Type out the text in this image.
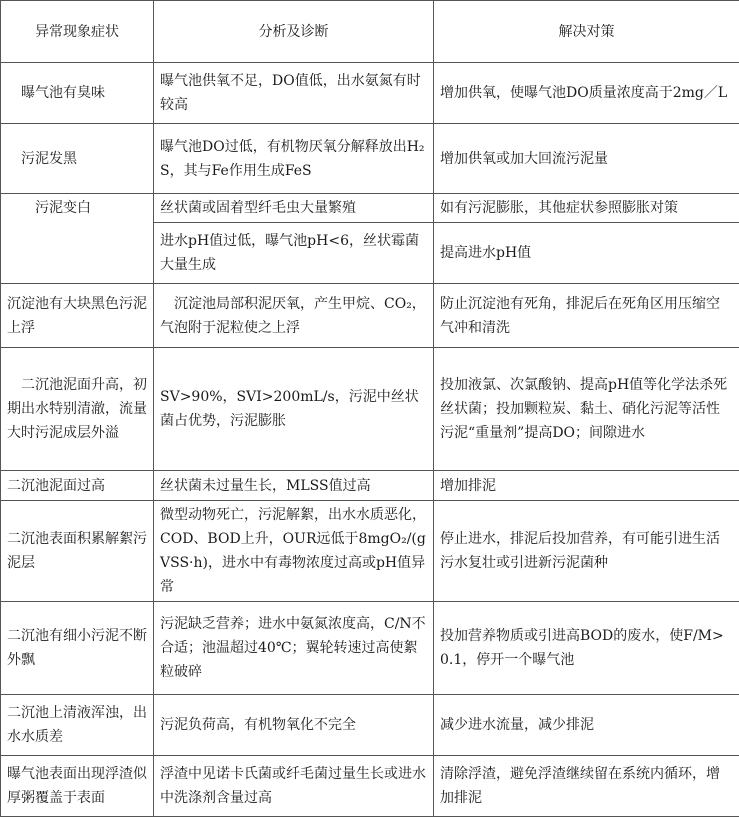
　　异常现象症状	分析及诊断	解决对策
　曝气池有臭味	曝气池供氧不足，DO值低，出水氨氮有时较高	增加供氧，使曝气池DO质量浓度高于2mg／L
　污泥发黑	曝气池DO过低，有机物厌氧分解释放出H₂S，其与Fe作用生成FeS	增加供氧或加大回流污泥量
　　污泥变白	丝状菌或固着型纤毛虫大量繁殖	如有污泥膨胀，其他症状参照膨胀对策
	进水pH值过低，曝气池pH<6，丝状霉菌大量生成	提高进水pH值
沉淀池有大块黑色污泥上浮	　沉淀池局部积泥厌氧，产生甲烷、CO₂，气泡附于泥粒使之上浮	防止沉淀池有死角，排泥后在死角区用压缩空气冲和清洗
　二沉池泥面升高，初期出水特别清澈，流量大时污泥成层外溢	SV>90%，SVI>200mL/s，污泥中丝状菌占优势，污泥膨胀	投加液氯、次氯酸钠、提高pH值等化学法杀死丝状菌；投加颗粒炭、黏土、硝化污泥等活性污泥“重量剂”提高DO；间隙进水
二沉池泥面过高	丝状菌未过量生长，MLSS值过高	增加排泥
二沉池表面积累解絮污泥层	微型动物死亡，污泥解絮，出水水质恶化，COD、BOD上升，OUR远低于8mgO₂/(gVSS·h)，进水中有毒物浓度过高或pH值异常	停止进水，排泥后投加营养，有可能引进生活污水复壮或引进新污泥菌种
二沉池有细小污泥不断外飘	污泥缺乏营养；进水中氨氮浓度高，C/N不合适；池温超过40℃；翼轮转速过高使絮粒破碎	投加营养物质或引进高BOD的废水，使F/M>0.1，停开一个曝气池
二沉池上清液浑浊，出水水质差	污泥负荷高，有机物氧化不完全	减少进水流量，减少排泥
曝气池表面出现浮渣似厚粥覆盖于表面	浮渣中见诺卡氏菌或纤毛菌过量生长或进水中洗涤剂含量过高	清除浮渣，避免浮渣继续留在系统内循环，增加排泥
